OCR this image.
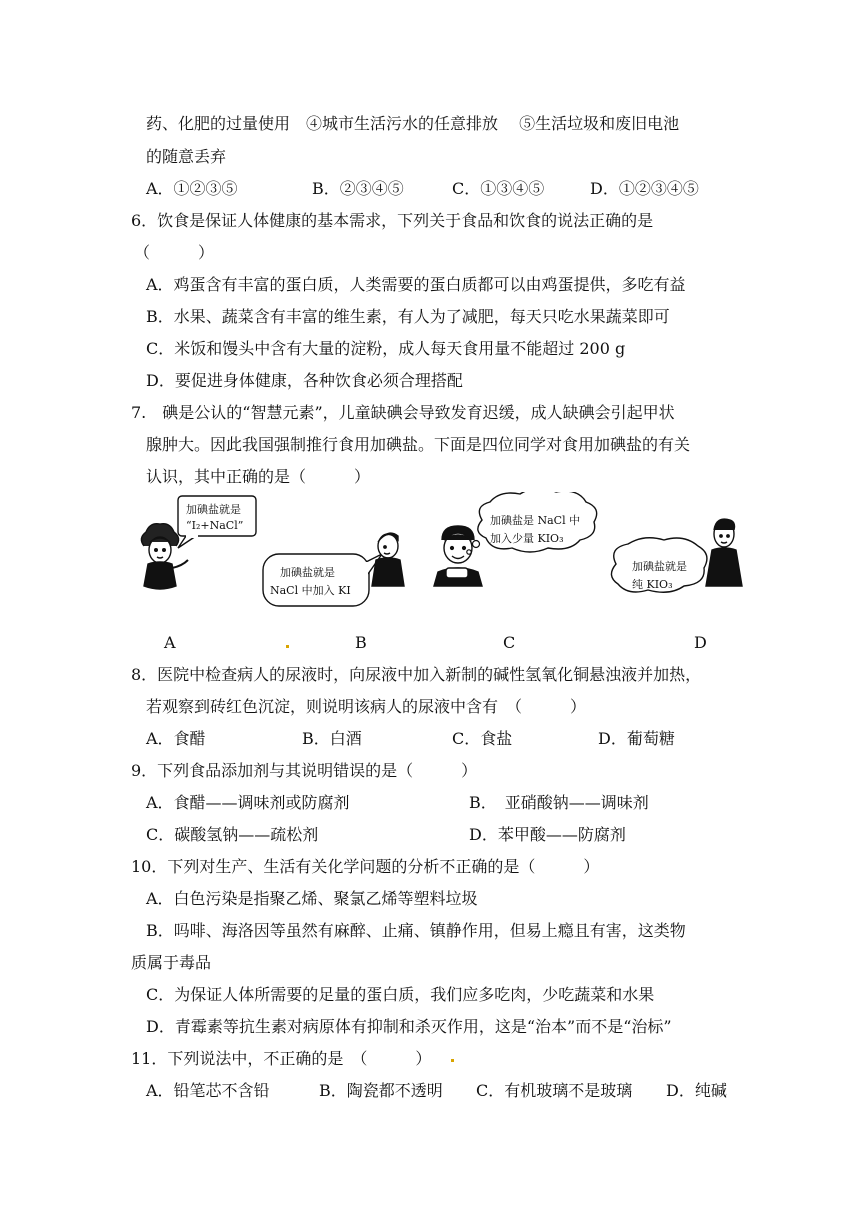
药、化肥的过量使用　④城市生活污水的任意排放　 ⑤生活垃圾和废旧电池
的随意丢弃
A．①②③⑤	B．②③④⑤	C．①③④⑤	D．①②③④⑤
6．饮食是保证人体健康的基本需求，下列关于食品和饮食的说法正确的是
（　　　）
A．鸡蛋含有丰富的蛋白质，人类需要的蛋白质都可以由鸡蛋提供，多吃有益
B．水果、蔬菜含有丰富的维生素，有人为了减肥，每天只吃水果蔬菜即可
C．米饭和馒头中含有大量的淀粉，成人每天食用量不能超过 200 g
D．要促进身体健康，各种饮食必须合理搭配
7.　碘是公认的“智慧元素”，儿童缺碘会导致发育迟缓，成人缺碘会引起甲状
腺肿大。因此我国强制推行食用加碘盐。下面是四位同学对食用加碘盐的有关
认识，其中正确的是（　　　）
加碘盐就是
“I₂+NaCl”
加碘盐就是
NaCl 中加入 KI
加碘盐是 NaCl 中
加入少量 KIO₃
加碘盐就是
纯 KIO₃
A	B	C	D
8．医院中检查病人的尿液时，向尿液中加入新制的碱性氢氧化铜悬浊液并加热，
若观察到砖红色沉淀，则说明该病人的尿液中含有　（　　　）
A．食醋	B．白酒	C．食盐	D．葡萄糖
9．下列食品添加剂与其说明错误的是（　　　）
A．食醋——调味剂或防腐剂	B．　亚硝酸钠——调味剂
C．碳酸氢钠——疏松剂	D．苯甲酸——防腐剂
10．下列对生产、生活有关化学问题的分析不正确的是（　　　）
A．白色污染是指聚乙烯、聚氯乙烯等塑料垃圾
B．吗啡、海洛因等虽然有麻醉、止痛、镇静作用，但易上瘾且有害，这类物
质属于毒品
C．为保证人体所需要的足量的蛋白质，我们应多吃肉，少吃蔬菜和水果
D．青霉素等抗生素对病原体有抑制和杀灭作用，这是“治本”而不是“治标”
11．下列说法中，不正确的是　（　　　）
A．铅笔芯不含铅	B．陶瓷都不透明 C．有机玻璃不是玻璃 D．纯碱
